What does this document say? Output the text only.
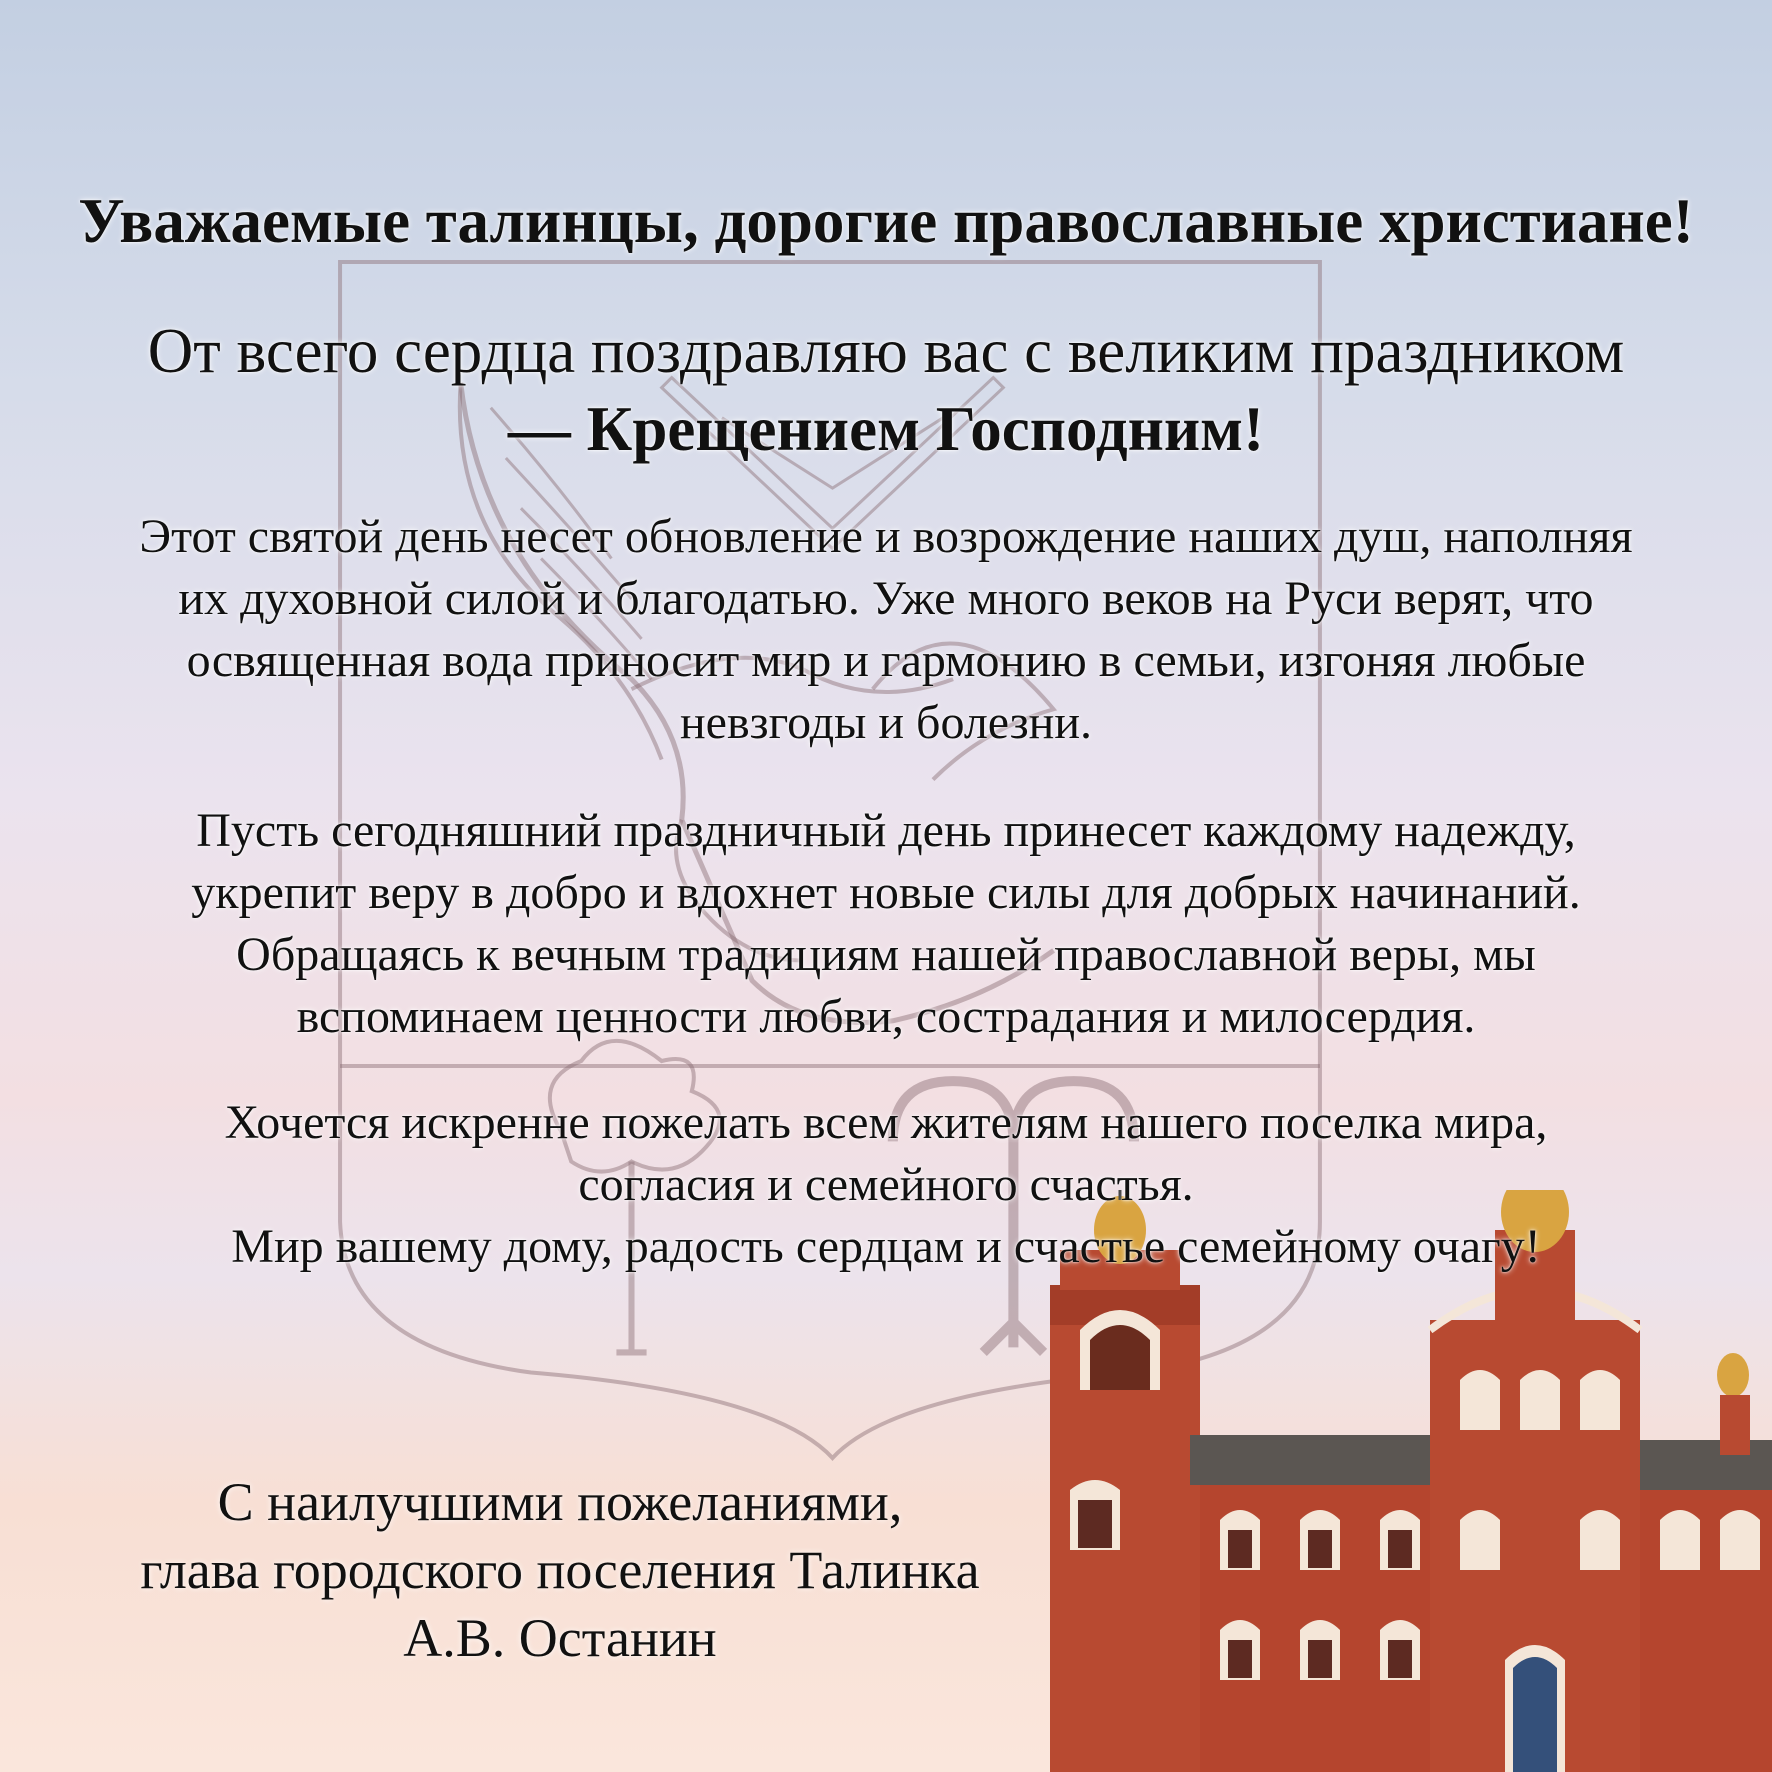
Уважаемые талинцы, дорогие православные христиане!

От всего сердца поздравляю вас с великим праздником
— Крещением Господним!

Этот святой день несет обновление и возрождение наших душ, наполняя
их духовной силой и благодатью. Уже много веков на Руси верят, что
освященная вода приносит мир и гармонию в семьи, изгоняя любые
невзгоды и болезни.

Пусть сегодняшний праздничный день принесет каждому надежду,
укрепит веру в добро и вдохнет новые силы для добрых начинаний.
Обращаясь к вечным традициям нашей православной веры, мы
вспоминаем ценности любви, сострадания и милосердия.

Хочется искренне пожелать всем жителям нашего поселка мира,
согласия и семейного счастья.
Мир вашему дому, радость сердцам и счастье семейному очагу!

С наилучшими пожеланиями,
глава городского поселения Талинка
А.В. Останин
